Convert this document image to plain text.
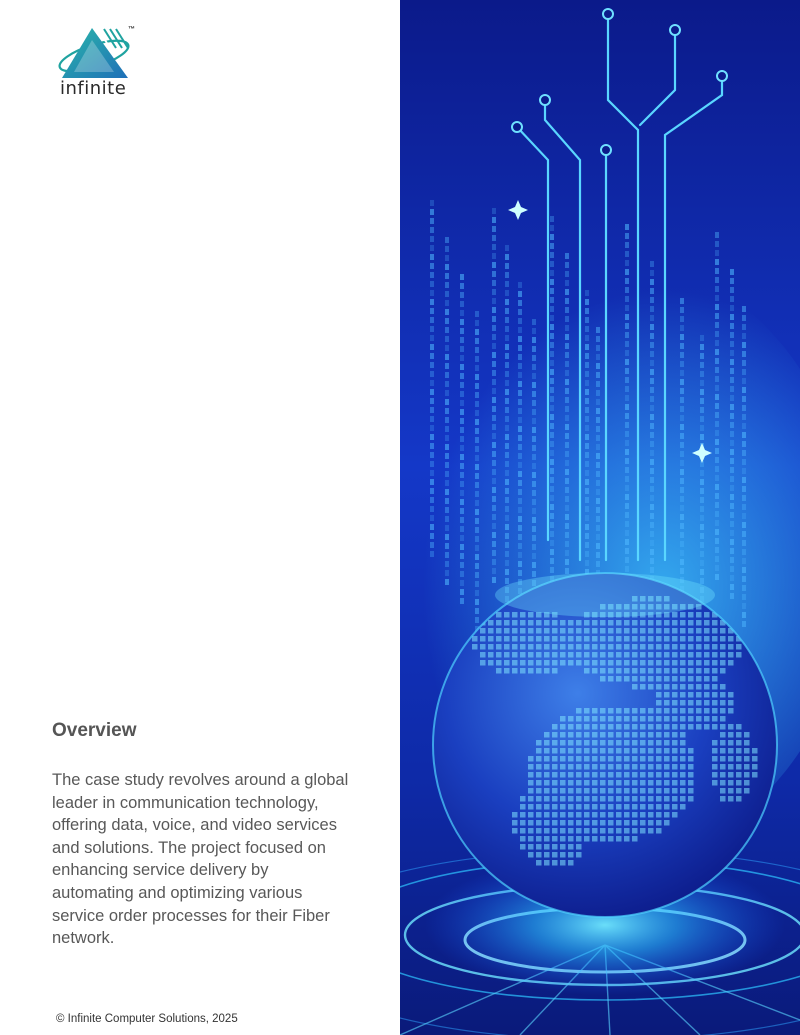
infinite
™
Overview

The case study revolves around a global leader in communication technology, offering data, voice, and video services and solutions. The project focused on enhancing service delivery by automating and optimizing various service order processes for their Fiber network.

© Infinite Computer Solutions, 2025
